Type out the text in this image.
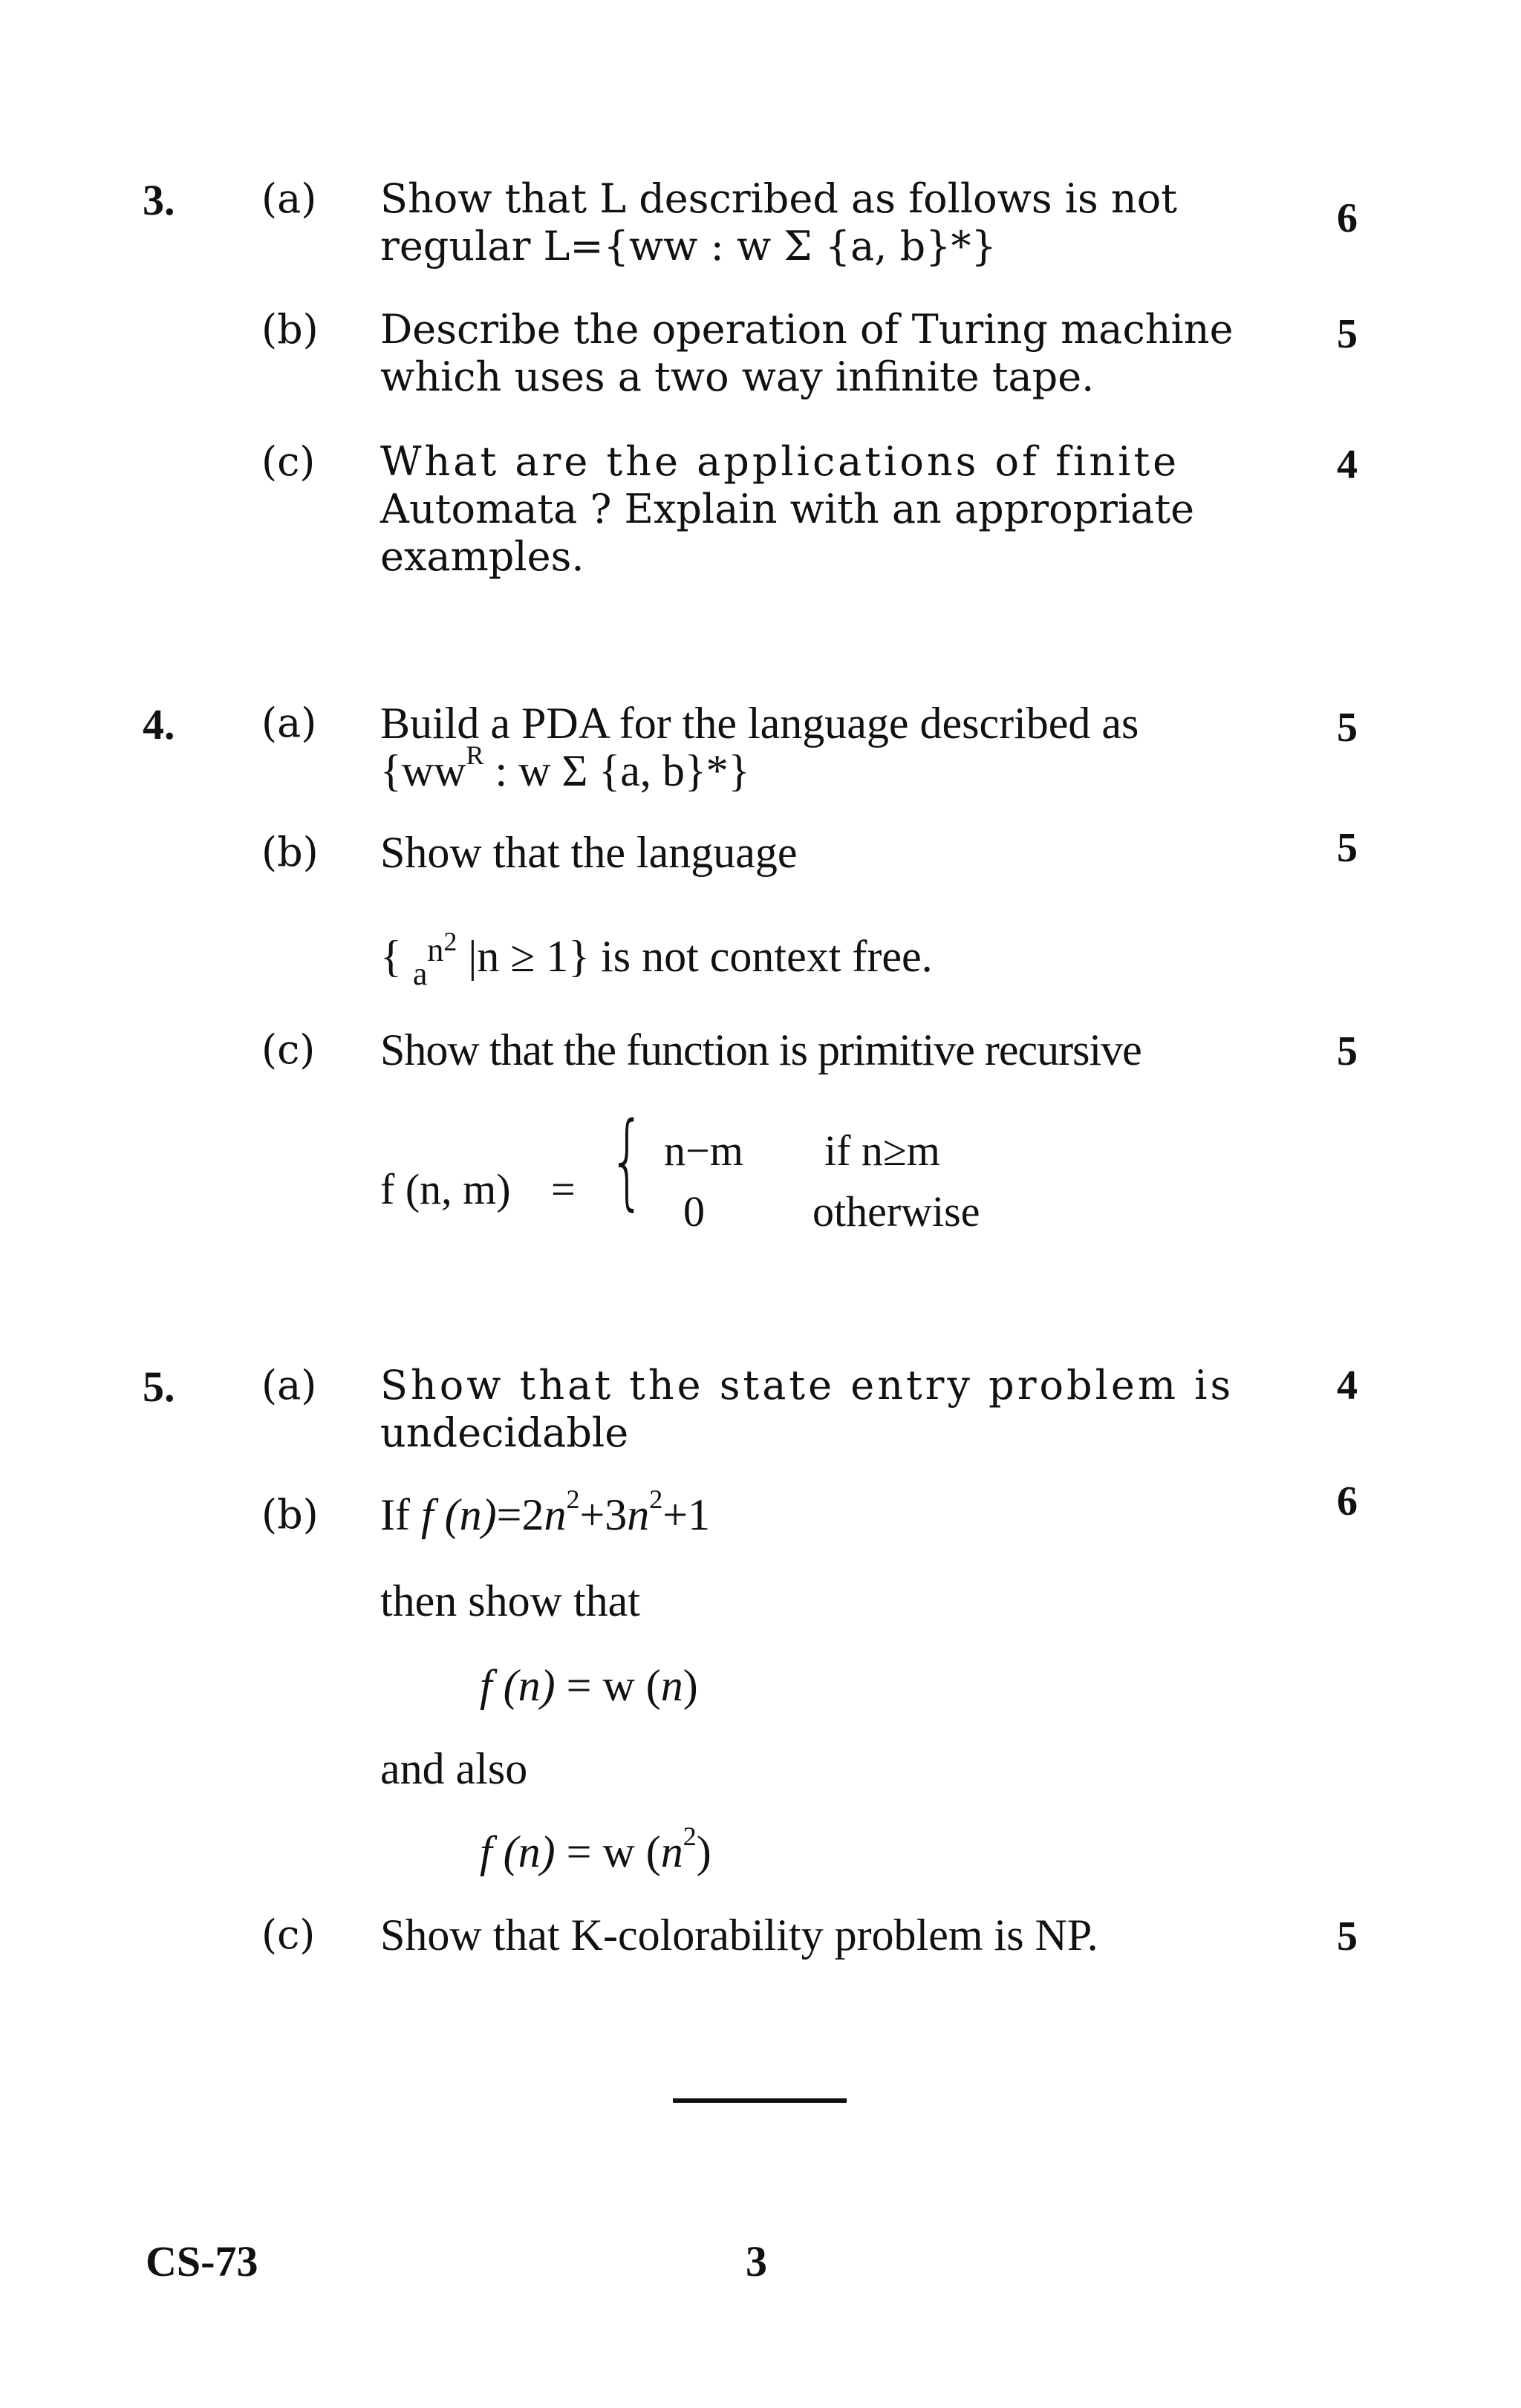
3. (a) Show that L described as follows is not
regular L={ww : w Σ {a, b}*}
6
(b) Describe the operation of Turing machine
which uses a two way infinite tape.
5
(c) What are the applications of finite
Automata ? Explain with an appropriate
examples.
4
4. (a) Build a PDA for the language described as
{$ww^R$ : w Σ {a, b}*}
5
(b) Show that the language	5
{ $_a^{n2}$ |n ≥ 1} is not context free.
(c) Show that the function is primitive recursive	5
f (n, m) = { n−m if n≥m
0	otherwise
5. (a) Show that the state entry problem is
undecidable
4
(b) If f $(n)=2n^2+3n^2+1$	6
then show that
f (n) = w (n)
and also
f (n) = w $(n^2)$
(c) Show that K-colorability problem is NP.	5
CS-73	3
